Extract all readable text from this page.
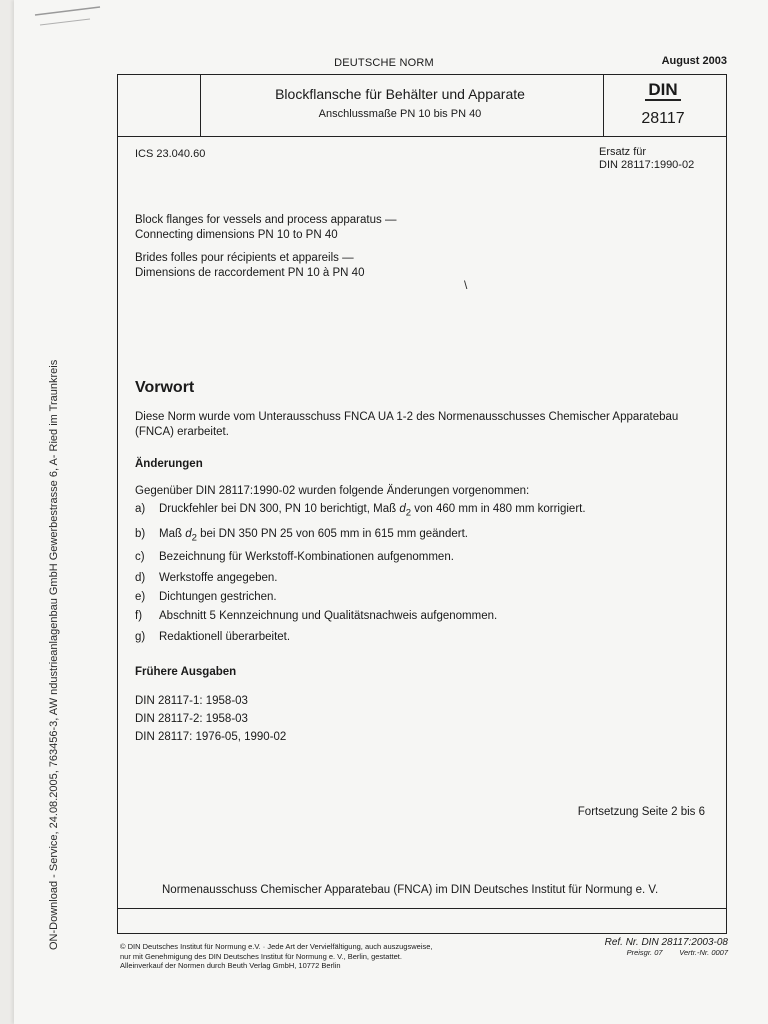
DEUTSCHE NORM	August 2003
Blockflansche für Behälter und Apparate
Anschlussmaße PN 10 bis PN 40
DIN
28117
ICS 23.040.60	Ersatz für
DIN 28117:1990-02
Block flanges for vessels and process apparatus —
Connecting dimensions PN 10 to PN 40
Brides folles pour récipients et appareils —
Dimensions de raccordement PN 10 à PN 40
\
Vorwort
Diese Norm wurde vom Unterausschuss FNCA UA 1-2 des Normenausschusses Chemischer Apparatebau
(FNCA) erarbeitet.
Änderungen
Gegenüber DIN 28117:1990-02 wurden folgende Änderungen vorgenommen:
a) Druckfehler bei DN 300, PN 10 berichtigt, Maß $d_2$ von 460 mm in 480 mm korrigiert.
b) Maß $d_2$ bei DN 350 PN 25 von 605 mm in 615 mm geändert.
c) Bezeichnung für Werkstoff-Kombinationen aufgenommen.
d) Werkstoffe angegeben.
e) Dichtungen gestrichen.
f) Abschnitt 5 Kennzeichnung und Qualitätsnachweis aufgenommen.
g) Redaktionell überarbeitet.
Frühere Ausgaben
DIN 28117-1: 1958-03
DIN 28117-2: 1958-03
DIN 28117: 1976-05, 1990-02
Fortsetzung Seite 2 bis 6
Normenausschuss Chemischer Apparatebau (FNCA) im DIN Deutsches Institut für Normung e. V.
© DIN Deutsches Institut für Normung e.V. · Jede Art der Vervielfältigung, auch auszugsweise,
nur mit Genehmigung des DIN Deutsches Institut für Normung e. V., Berlin, gestattet.
Alleinverkauf der Normen durch Beuth Verlag GmbH, 10772 Berlin
Ref. Nr. DIN 28117:2003-08
Preisgr. 07 Vertr.-Nr. 0007
ON-Download - Service, 24.08.2005, 763456-3, AW ndustrieanlagenbau GmbH Gewerbestrasse 6, A- Ried im Traunkreis
